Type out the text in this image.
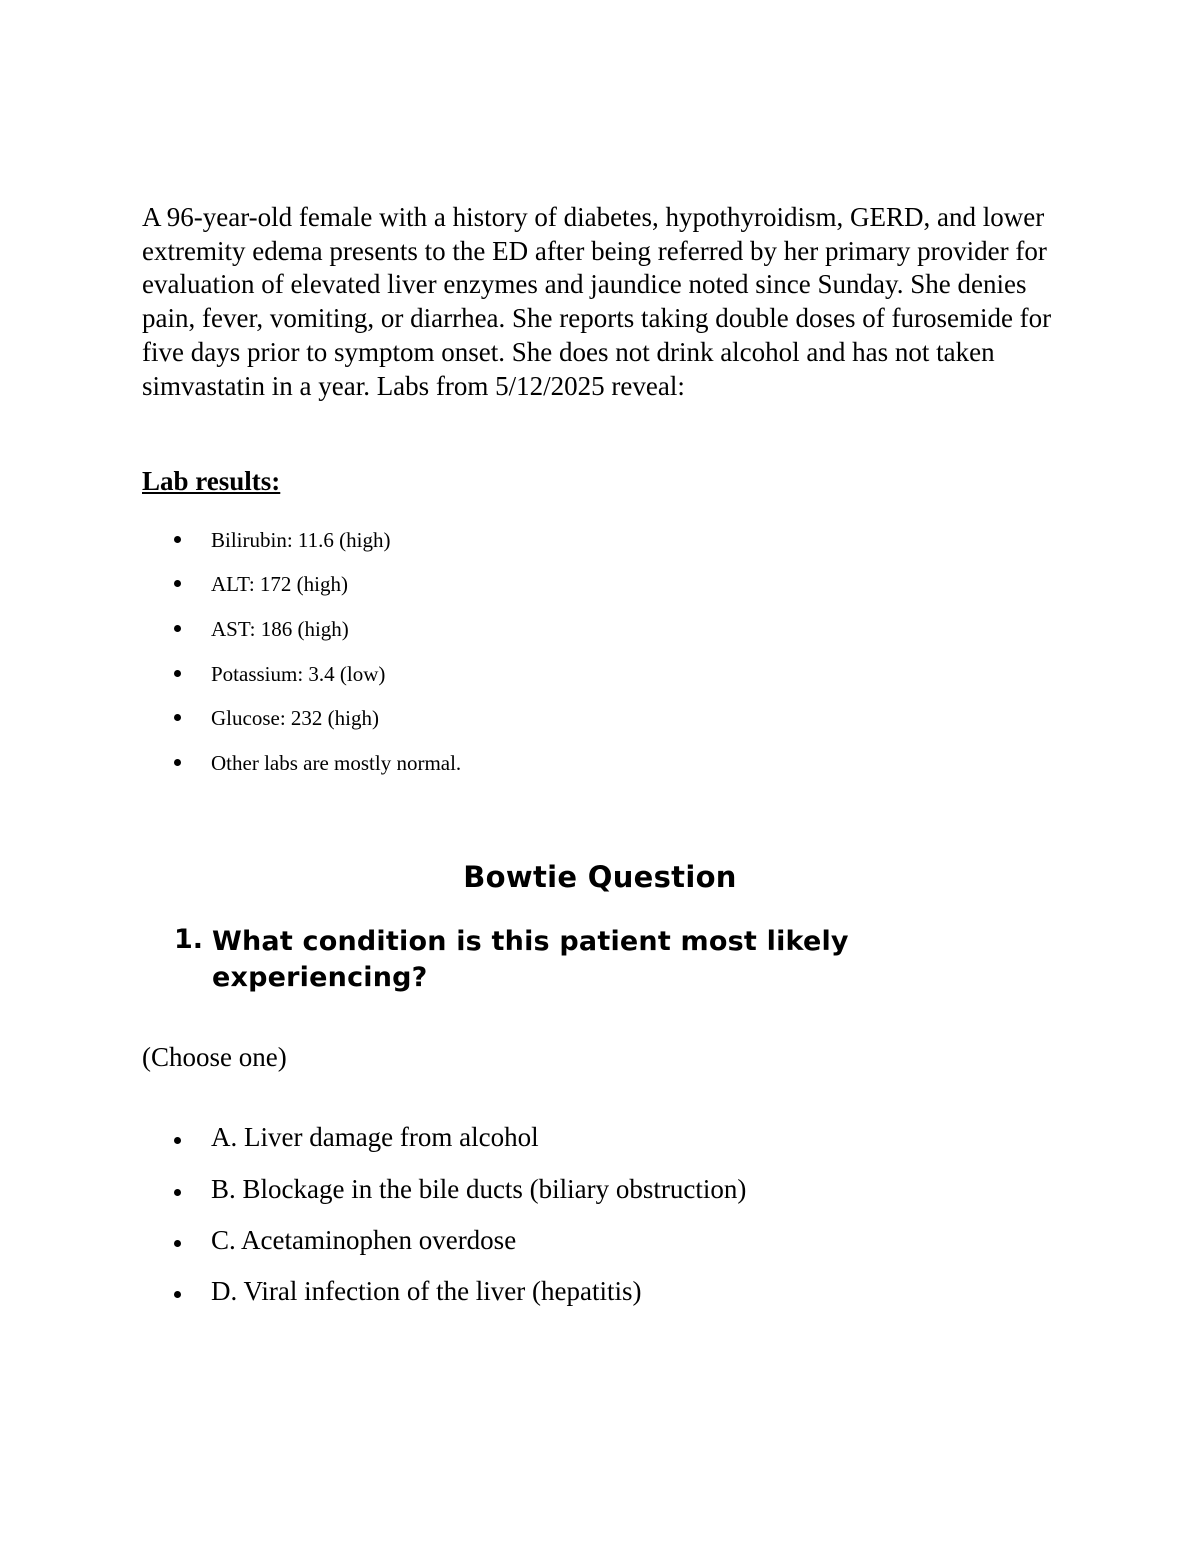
A 96-year-old female with a history of diabetes, hypothyroidism, GERD, and lower extremity edema presents to the ED after being referred by her primary provider for evaluation of elevated liver enzymes and jaundice noted since Sunday. She denies pain, fever, vomiting, or diarrhea. She reports taking double doses of furosemide for five days prior to symptom onset. She does not drink alcohol and has not taken simvastatin in a year. Labs from 5/12/2025 reveal:

Lab results:

Bilirubin: 11.6 (high)
ALT: 172 (high)
AST: 186 (high)
Potassium: 3.4 (low)
Glucose: 232 (high)
Other labs are mostly normal.
Bowtie Question
1. What condition is this patient most likely experiencing?

(Choose one)

A. Liver damage from alcohol
B. Blockage in the bile ducts (biliary obstruction)
C. Acetaminophen overdose
D. Viral infection of the liver (hepatitis)
